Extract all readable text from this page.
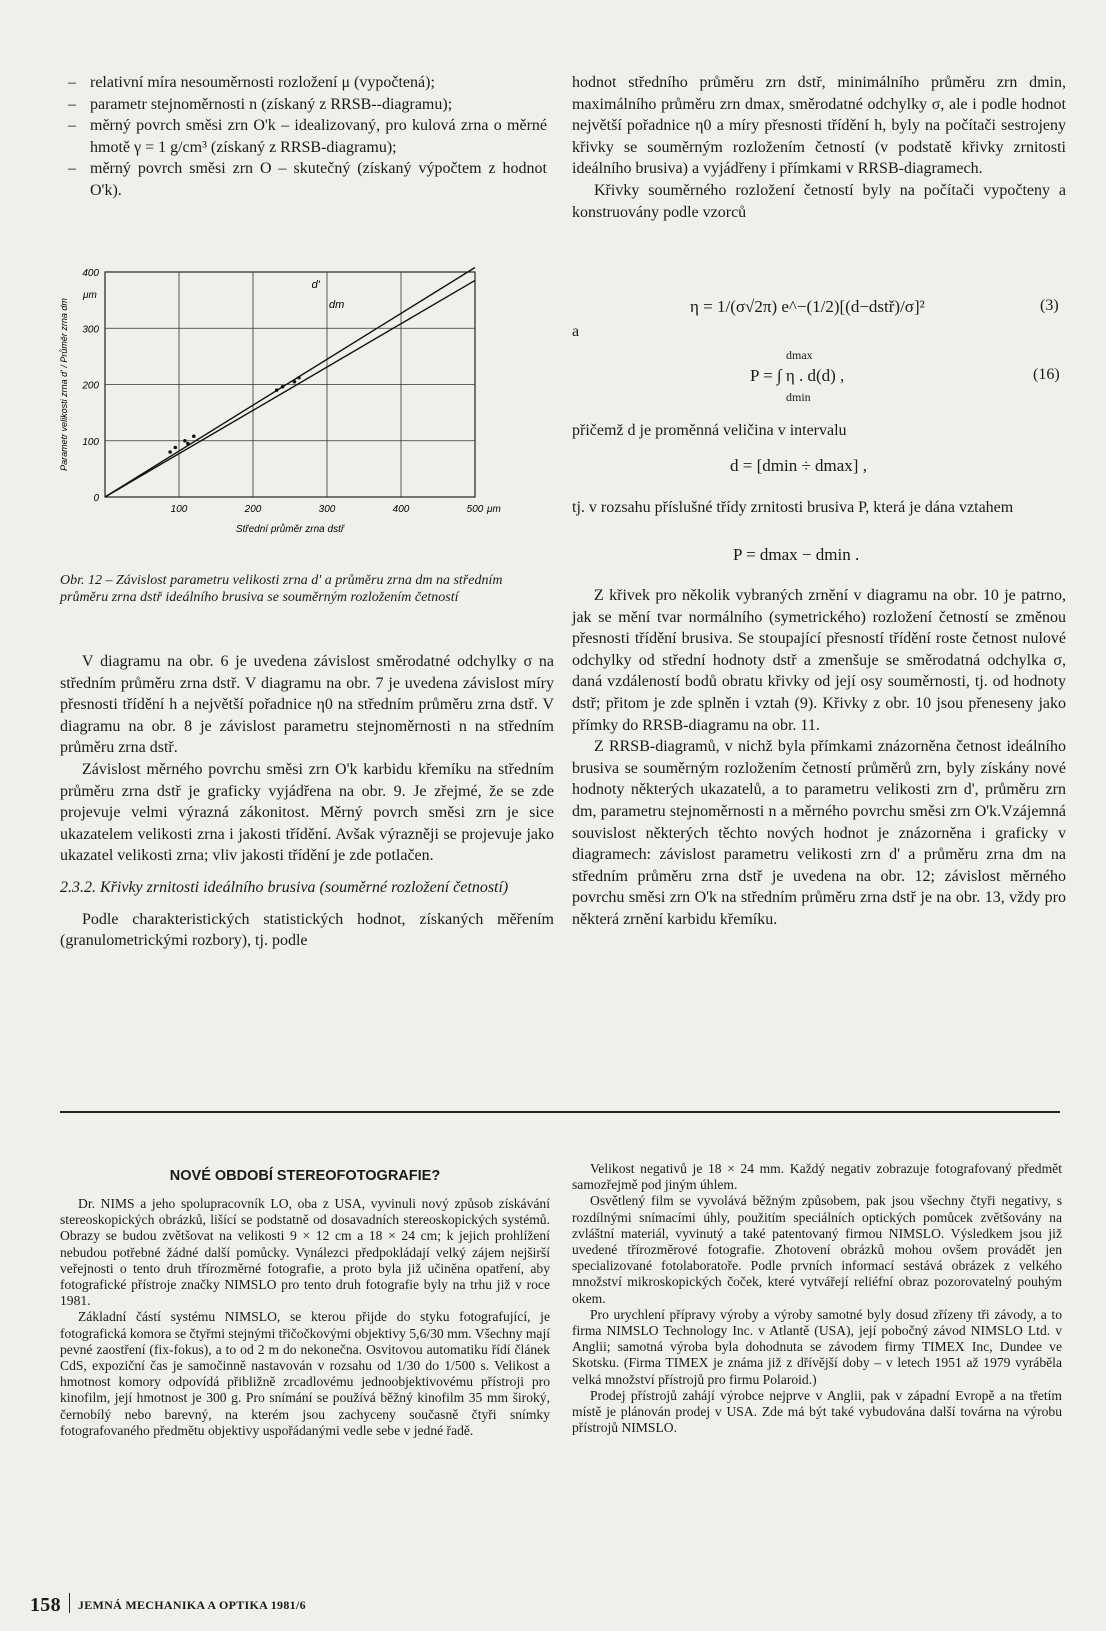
– relativní míra nesouměrnosti rozložení μ (vypočtená);
– parametr stejnoměrnosti n (získaný z RRSB--diagramu);
– měrný povrch směsi zrn O'k – idealizovaný, pro kulová zrna o měrné hmotě γ = 1 g/cm³ (získaný z RRSB-diagramu);
– měrný povrch směsi zrn O – skutečný (získaný výpočtem z hodnot O'k).
100	200	300	400	500
0
100
200
300
400
μm
μm
Střední průměr zrna dstř
Parametr velikosti zrna d' / Průměr zrna dm
d'
dm

Obr. 12 – Závislost parametru velikosti zrna d' a průměru zrna dm na středním průměru zrna dstř ideálního brusiva se souměrným rozložením četností

V diagramu na obr. 6 je uvedena závislost směrodatné odchylky σ na středním průměru zrna dstř. V diagramu na obr. 7 je uvedena závislost míry přesnosti třídění h a největší pořadnice η0 na středním průměru zrna dstř. V diagramu na obr. 8 je závislost parametru stejnoměrnosti n na středním průměru zrna dstř.

Závislost měrného povrchu směsi zrn O'k karbidu křemíku na středním průměru zrna dstř je graficky vyjádřena na obr. 9. Je zřejmé, že se zde projevuje velmi výrazná zákonitost. Měrný povrch směsi zrn je sice ukazatelem velikosti zrna i jakosti třídění. Avšak výrazněji se projevuje jako ukazatel velikosti zrna; vliv jakosti třídění je zde potlačen.

2.3.2. Křivky zrnitosti ideálního brusiva (souměrné rozložení četností)

Podle charakteristických statistických hodnot, získaných měřením (granulometrickými rozbory), tj. podle

hodnot středního průměru zrn dstř, minimálního průměru zrn dmin, maximálního průměru zrn dmax, směrodatné odchylky σ, ale i podle hodnot největší pořadnice η0 a míry přesnosti třídění h, byly na počítači sestrojeny křivky se souměrným rozložením četností (v podstatě křivky zrnitosti ideálního brusiva) a vyjádřeny i přímkami v RRSB-diagramech.

Křivky souměrného rozložení četností byly na počítači vypočteny a konstruovány podle vzorců

η = 1/(σ√2π) e^−(1/2)[(d−dstř)/σ]²	(3)
a
dmax
P = ∫ η . d(d) ,
dmin
(16)

přičemž d je proměnná veličina v intervalu

d = [dmin ÷ dmax] ,

tj. v rozsahu příslušné třídy zrnitosti brusiva P, která je dána vztahem

P = dmax − dmin .

Z křivek pro několik vybraných zrnění v diagramu na obr. 10 je patrno, jak se mění tvar normálního (symetrického) rozložení četností se změnou přesnosti třídění brusiva. Se stoupající přesností třídění roste četnost nulové odchylky od střední hodnoty dstř a zmenšuje se směrodatná odchylka σ, daná vzdáleností bodů obratu křivky od její osy souměrnosti, tj. od hodnoty dstř; přitom je zde splněn i vztah (9). Křivky z obr. 10 jsou přeneseny jako přímky do RRSB-diagramu na obr. 11.

Z RRSB-diagramů, v nichž byla přímkami znázorněna četnost ideálního brusiva se souměrným rozložením četností průměrů zrn, byly získány nové hodnoty některých ukazatelů, a to parametru velikosti zrn d', průměru zrn dm, parametru stejnoměrnosti n a měrného povrchu směsi zrn O'k.Vzájemná souvislost některých těchto nových hodnot je znázorněna i graficky v diagramech: závislost parametru velikosti zrn d' a průměru zrna dm na středním průměru zrna dstř je uvedena na obr. 12; závislost měrného povrchu směsi zrn O'k na středním průměru zrna dstř je na obr. 13, vždy pro některá zrnění karbidu křemíku.

NOVÉ OBDOBÍ STEREOFOTOGRAFIE?

Dr. NIMS a jeho spolupracovník LO, oba z USA, vyvinuli nový způsob získávání stereoskopických obrázků, lišící se podstatně od dosavadních stereoskopických systémů. Obrazy se budou zvětšovat na velikosti 9 × 12 cm a 18 × 24 cm; k jejich prohlížení nebudou potřebné žádné další pomůcky. Vynálezci předpokládají velký zájem nejširší veřejnosti o tento druh třírozměrné fotografie, a proto byla již učiněna opatření, aby fotografické přístroje značky NIMSLO pro tento druh fotografie byly na trhu již v roce 1981.

Základní částí systému NIMSLO, se kterou přijde do styku fotografující, je fotografická komora se čtyřmi stejnými třičočkovými objektivy 5,6/30 mm. Všechny mají pevné zaostření (fix-fokus), a to od 2 m do nekonečna. Osvitovou automatiku řídí článek CdS, expoziční čas je samočinně nastavován v rozsahu od 1/30 do 1/500 s. Velikost a hmotnost komory odpovídá přibližně zrcadlovému jednoobjektivovému přístroji pro kinofilm, její hmotnost je 300 g. Pro snímání se používá běžný kinofilm 35 mm široký, černobílý nebo barevný, na kterém jsou zachyceny současně čtyři snímky fotografovaného předmětu objektivy uspořádanými vedle sebe v jedné řadě.

Velikost negativů je 18 × 24 mm. Každý negativ zobrazuje fotografovaný předmět samozřejmě pod jiným úhlem.

Osvětlený film se vyvolává běžným způsobem, pak jsou všechny čtyři negativy, s rozdílnými snímacími úhly, použitím speciálních optických pomůcek zvětšovány na zvláštní materiál, vyvinutý a také patentovaný firmou NIMSLO. Výsledkem jsou již uvedené třírozměrové fotografie. Zhotovení obrázků mohou ovšem provádět jen specializované fotolaboratoře. Podle prvních informací sestává obrázek z velkého množství mikroskopických čoček, které vytvářejí reliéfní obraz pozorovatelný pouhým okem.

Pro urychlení přípravy výroby a výroby samotné byly dosud zřízeny tři závody, a to firma NIMSLO Technology Inc. v Atlantě (USA), její pobočný závod NIMSLO Ltd. v Anglii; samotná výroba byla dohodnuta se závodem firmy TIMEX Inc, Dundee ve Skotsku. (Firma TIMEX je známa již z dřívější doby – v letech 1951 až 1979 vyráběla velká množství přístrojů pro firmu Polaroid.)

Prodej přístrojů zahájí výrobce nejprve v Anglii, pak v západní Evropě a na třetím místě je plánován prodej v USA. Zde má být také vybudována další továrna na výrobu přístrojů NIMSLO.

158 JEMNÁ MECHANIKA A OPTIKA 1981/6
